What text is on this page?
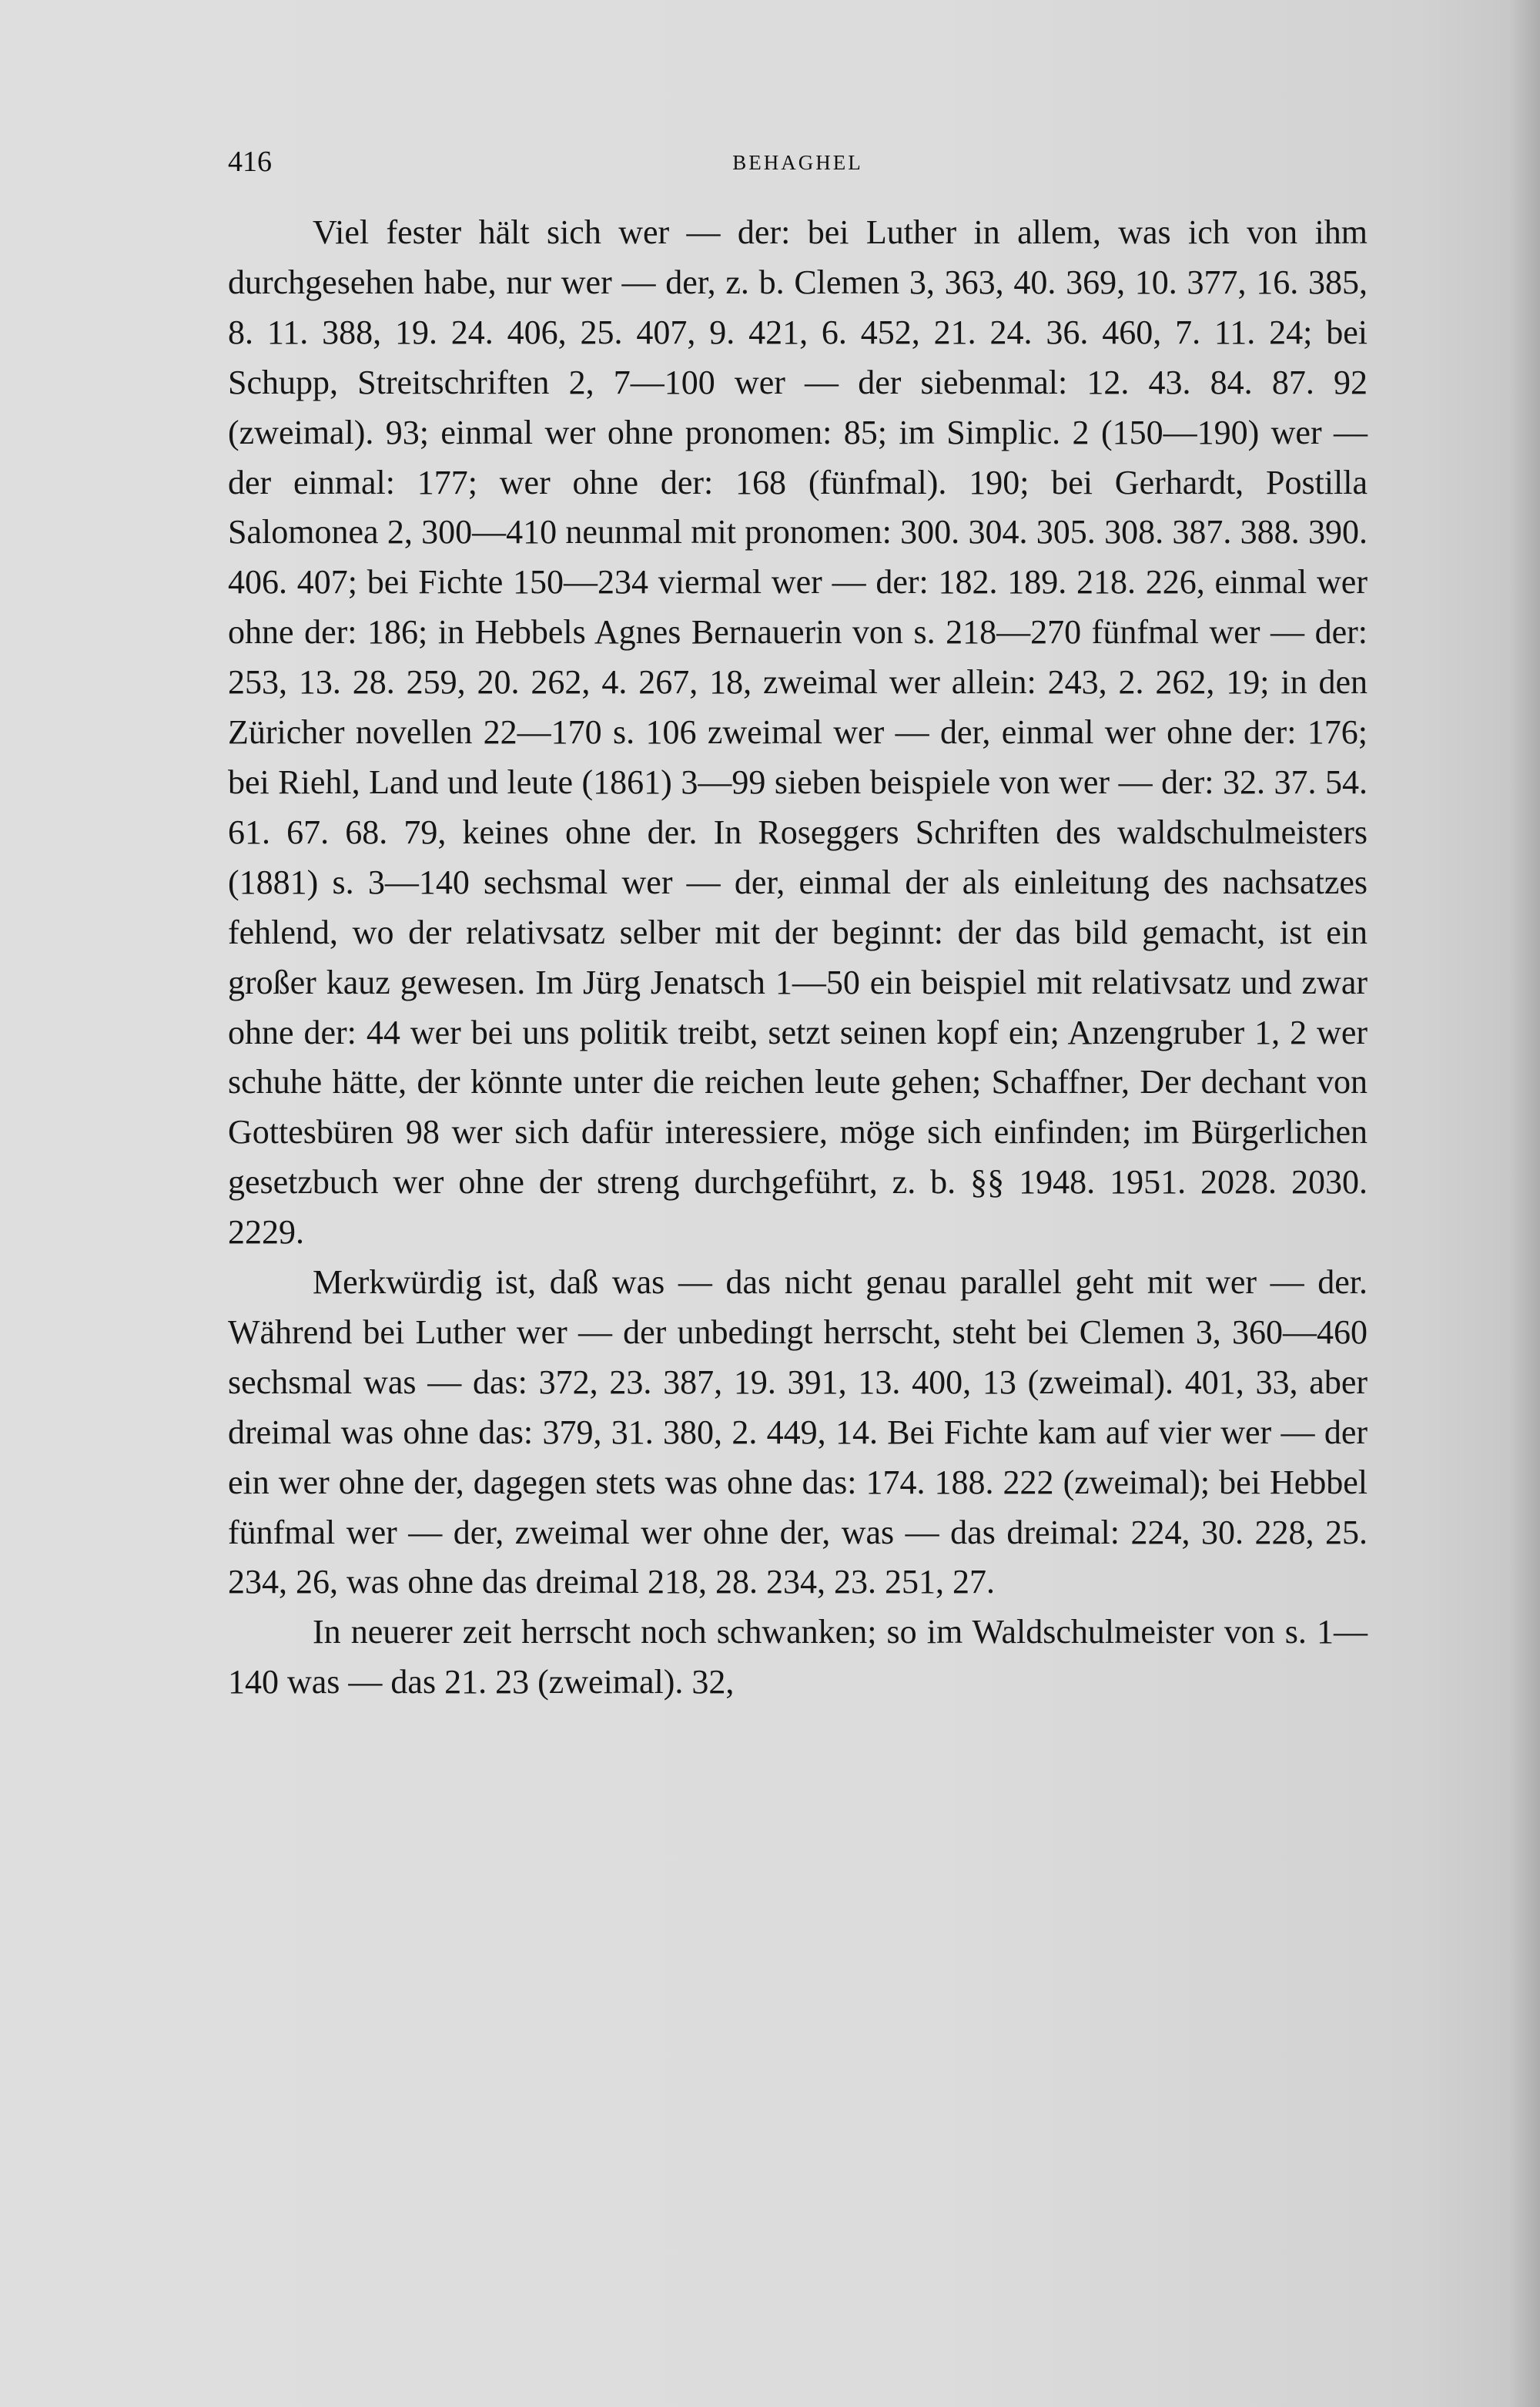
416	BEHAGHEL

Viel fester hält sich wer — der: bei Luther in allem, was ich von ihm durchgesehen habe, nur wer — der, z. b. Clemen 3, 363, 40. 369, 10. 377, 16. 385, 8. 11. 388, 19. 24. 406, 25. 407, 9. 421, 6. 452, 21. 24. 36. 460, 7. 11. 24; bei Schupp, Streitschriften 2, 7—100 wer — der siebenmal: 12. 43. 84. 87. 92 (zweimal). 93; einmal wer ohne pronomen: 85; im Simplic. 2 (150—190) wer — der einmal: 177; wer ohne der: 168 (fünfmal). 190; bei Gerhardt, Postilla Salomonea 2, 300—410 neunmal mit pronomen: 300. 304. 305. 308. 387. 388. 390. 406. 407; bei Fichte 150—234 viermal wer — der: 182. 189. 218. 226, einmal wer ohne der: 186; in Hebbels Agnes Bernauerin von s. 218—270 fünfmal wer — der: 253, 13. 28. 259, 20. 262, 4. 267, 18, zweimal wer allein: 243, 2. 262, 19; in den Züricher novellen 22—170 s. 106 zweimal wer — der, einmal wer ohne der: 176; bei Riehl, Land und leute (1861) 3—99 sieben beispiele von wer — der: 32. 37. 54. 61. 67. 68. 79, keines ohne der. In Roseggers Schriften des waldschulmeisters (1881) s. 3—140 sechsmal wer — der, einmal der als einleitung des nachsatzes fehlend, wo der relativsatz selber mit der beginnt: der das bild gemacht, ist ein großer kauz gewesen. Im Jürg Jenatsch 1—50 ein beispiel mit relativsatz und zwar ohne der: 44 wer bei uns politik treibt, setzt seinen kopf ein; Anzengruber 1, 2 wer schuhe hätte, der könnte unter die reichen leute gehen; Schaffner, Der dechant von Gottesbüren 98 wer sich dafür interessiere, möge sich einfinden; im Bürgerlichen gesetzbuch wer ohne der streng durchgeführt, z. b. §§ 1948. 1951. 2028. 2030. 2229.

Merkwürdig ist, daß was — das nicht genau parallel geht mit wer — der. Während bei Luther wer — der unbedingt herrscht, steht bei Clemen 3, 360—460 sechsmal was — das: 372, 23. 387, 19. 391, 13. 400, 13 (zweimal). 401, 33, aber dreimal was ohne das: 379, 31. 380, 2. 449, 14. Bei Fichte kam auf vier wer — der ein wer ohne der, dagegen stets was ohne das: 174. 188. 222 (zweimal); bei Hebbel fünfmal wer — der, zweimal wer ohne der, was — das dreimal: 224, 30. 228, 25. 234, 26, was ohne das dreimal 218, 28. 234, 23. 251, 27.

In neuerer zeit herrscht noch schwanken; so im Waldschulmeister von s. 1—140 was — das 21. 23 (zweimal). 32,
